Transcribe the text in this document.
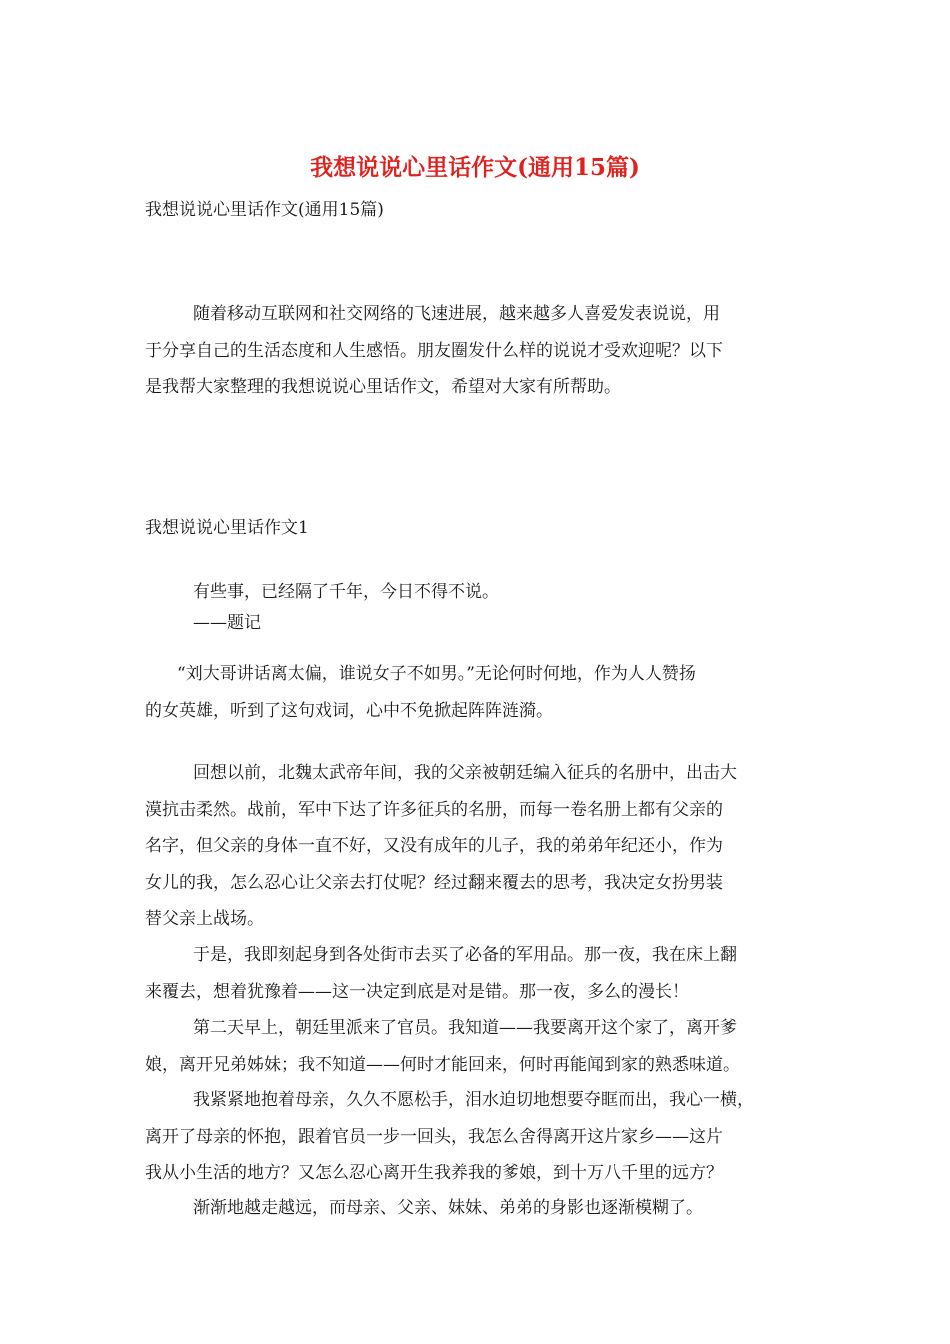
我想说说心里话作文(通用15篇)
我想说说心里话作文(通用15篇)
随着移动互联网和社交网络的飞速进展，越来越多人喜爱发表说说，用
于分享自己的生活态度和人生感悟。朋友圈发什么样的说说才受欢迎呢？以下
是我帮大家整理的我想说说心里话作文，希望对大家有所帮助。
我想说说心里话作文1
有些事，已经隔了千年，今日不得不说。
——题记
“刘大哥讲话离太偏，谁说女子不如男。”无论何时何地，作为人人赞扬
的女英雄，听到了这句戏词，心中不免掀起阵阵涟漪。
回想以前，北魏太武帝年间，我的父亲被朝廷编入征兵的名册中，出击大
漠抗击柔然。战前，军中下达了许多征兵的名册，而每一卷名册上都有父亲的
名字，但父亲的身体一直不好，又没有成年的儿子，我的弟弟年纪还小，作为
女儿的我，怎么忍心让父亲去打仗呢？经过翻来覆去的思考，我决定女扮男装
替父亲上战场。
于是，我即刻起身到各处街市去买了必备的军用品。那一夜，我在床上翻
来覆去，想着犹豫着——这一决定到底是对是错。那一夜，多么的漫长！
第二天早上，朝廷里派来了官员。我知道——我要离开这个家了，离开爹
娘，离开兄弟姊妹；我不知道——何时才能回来，何时再能闻到家的熟悉味道。
我紧紧地抱着母亲，久久不愿松手，泪水迫切地想要夺眶而出，我心一横，
离开了母亲的怀抱，跟着官员一步一回头，我怎么舍得离开这片家乡——这片
我从小生活的地方？又怎么忍心离开生我养我的爹娘，到十万八千里的远方？
渐渐地越走越远，而母亲、父亲、妹妹、弟弟的身影也逐渐模糊了。
